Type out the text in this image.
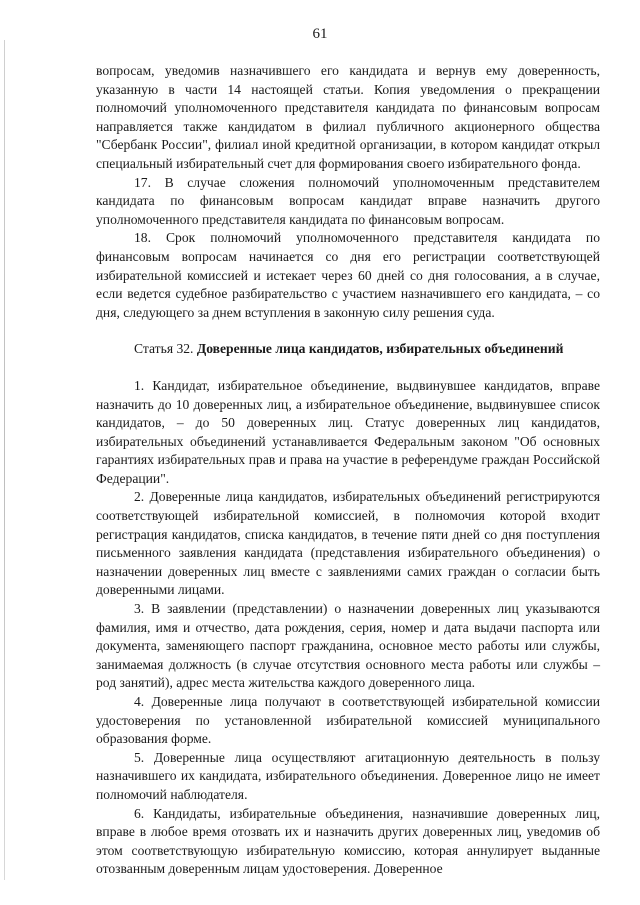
61

вопросам, уведомив назначившего его кандидата и вернув ему доверенность, указанную в части 14 настоящей статьи. Копия уведомления о прекращении полномочий уполномоченного представителя кандидата по финансовым вопросам направляется также кандидатом в филиал публичного акционерного общества "Сбербанк России", филиал иной кредитной организации, в котором кандидат открыл специальный избирательный счет для формирования своего избирательного фонда.

17. В случае сложения полномочий уполномоченным представителем кандидата по финансовым вопросам кандидат вправе назначить другого уполномоченного представителя кандидата по финансовым вопросам.

18. Срок полномочий уполномоченного представителя кандидата по финансовым вопросам начинается со дня его регистрации соответствующей избирательной комиссией и истекает через 60 дней со дня голосования, а в случае, если ведется судебное разбирательство с участием назначившего его кандидата, – со дня, следующего за днем вступления в законную силу решения суда.

Статья 32. Доверенные лица кандидатов, избирательных объединений

1. Кандидат, избирательное объединение, выдвинувшее кандидатов, вправе назначить до 10 доверенных лиц, а избирательное объединение, выдвинувшее список кандидатов, – до 50 доверенных лиц. Статус доверенных лиц кандидатов, избирательных объединений устанавливается Федеральным законом "Об основных гарантиях избирательных прав и права на участие в референдуме граждан Российской Федерации".

2. Доверенные лица кандидатов, избирательных объединений регистрируются соответствующей избирательной комиссией, в полномочия которой входит регистрация кандидатов, списка кандидатов, в течение пяти дней со дня поступления письменного заявления кандидата (представления избирательного объединения) о назначении доверенных лиц вместе с заявлениями самих граждан о согласии быть доверенными лицами.

3. В заявлении (представлении) о назначении доверенных лиц указываются фамилия, имя и отчество, дата рождения, серия, номер и дата выдачи паспорта или документа, заменяющего паспорт гражданина, основное место работы или службы, занимаемая должность (в случае отсутствия основного места работы или службы – род занятий), адрес места жительства каждого доверенного лица.

4. Доверенные лица получают в соответствующей избирательной комиссии удостоверения по установленной избирательной комиссией муниципального образования форме.

5. Доверенные лица осуществляют агитационную деятельность в пользу назначившего их кандидата, избирательного объединения. Доверенное лицо не имеет полномочий наблюдателя.

6. Кандидаты, избирательные объединения, назначившие доверенных лиц, вправе в любое время отозвать их и назначить других доверенных лиц, уведомив об этом соответствующую избирательную комиссию, которая аннулирует выданные отозванным доверенным лицам удостоверения. Доверенное
